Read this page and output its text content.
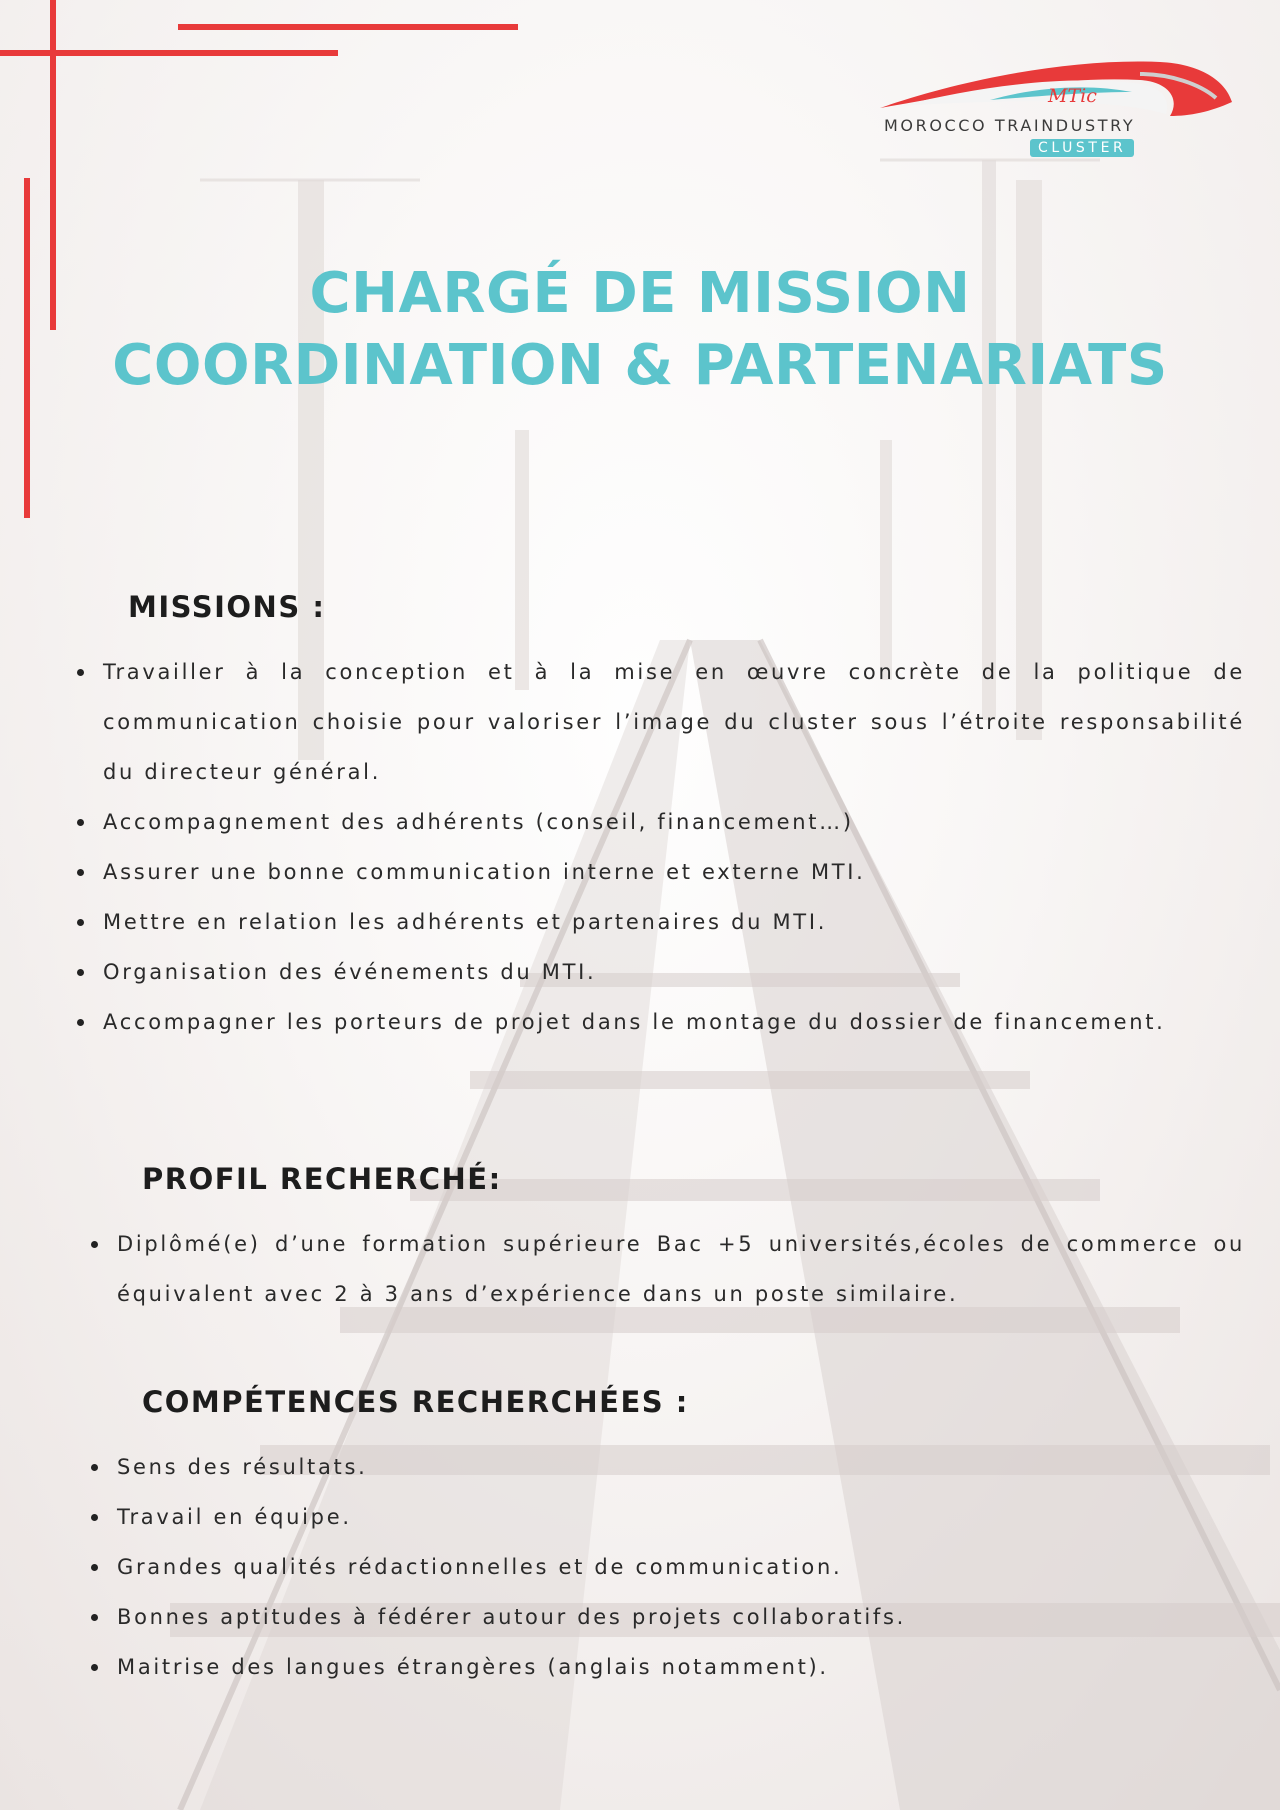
MTic
MOROCCO TRAINDUSTRY
CLUSTER
CHARGÉ DE MISSION
COORDINATION & PARTENARIATS
MISSIONS :
Travailler à la conception et à la mise en œuvre concrète de la politique de communication choisie pour valoriser l’image du cluster sous l’étroite responsabilité du directeur général.
Accompagnement des adhérents (conseil, financement…)
Assurer une bonne communication interne et externe MTI.
Mettre en relation les adhérents et partenaires du MTI.
Organisation des événements du MTI.
Accompagner les porteurs de projet dans le montage du dossier de financement.
PROFIL RECHERCHÉ:
Diplômé(e) d’une formation supérieure Bac +5 universités,écoles de commerce ou équivalent avec 2 à 3 ans d’expérience dans un poste similaire.
COMPÉTENCES RECHERCHÉES :
Sens des résultats.
Travail en équipe.
Grandes qualités rédactionnelles et de communication.
Bonnes aptitudes à fédérer autour des projets collaboratifs.
Maitrise des langues étrangères (anglais notamment).
